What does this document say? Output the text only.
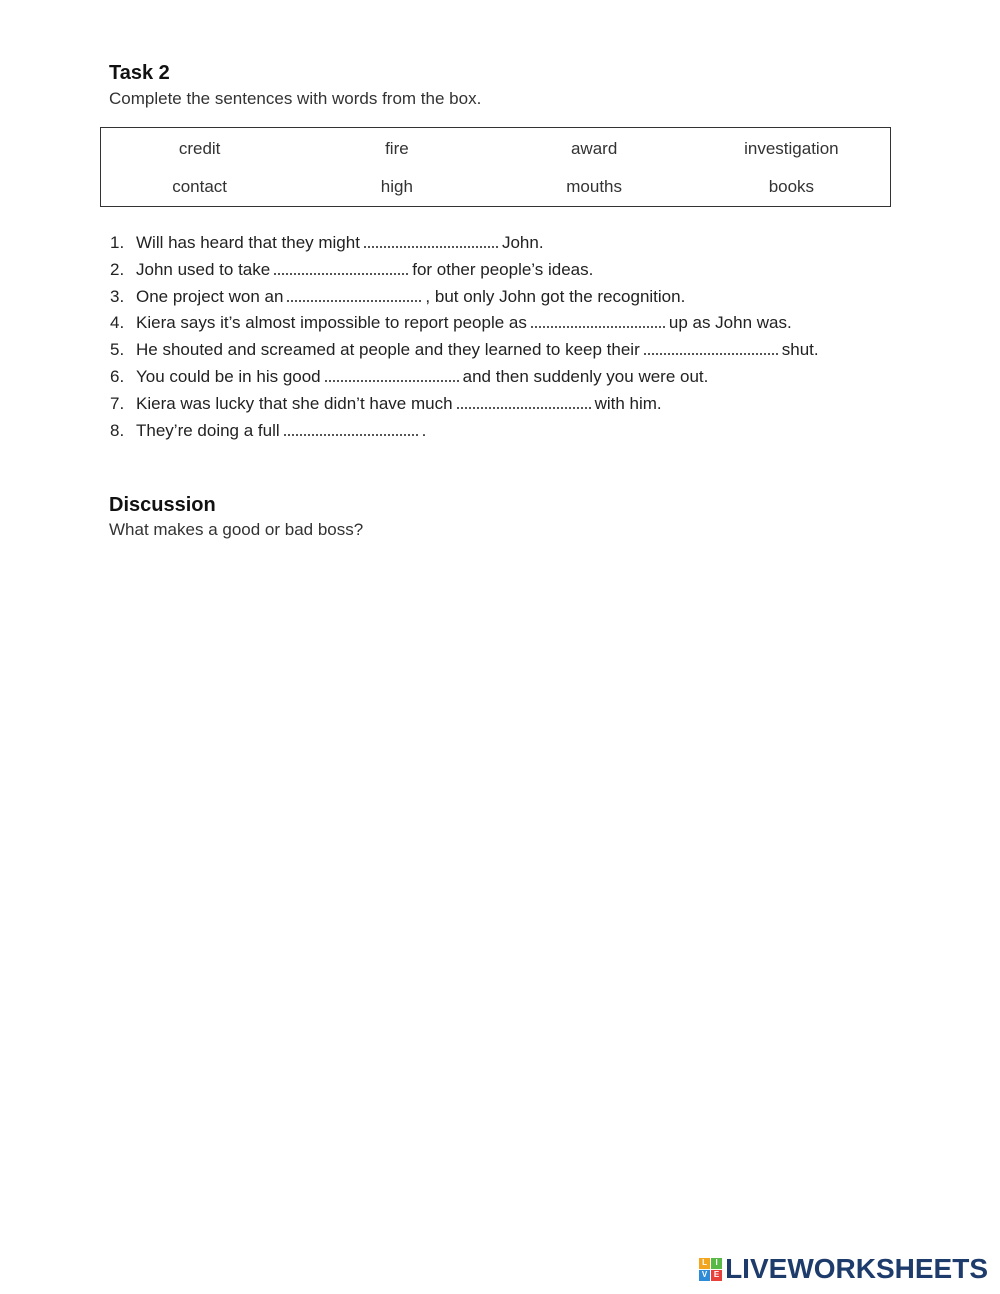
Task 2

Complete the sentences with words from the box.

credit	fire	award	investigation
contact	high	mouths	books
1. Will has heard that they might	John.
2. John used to take	for other people’s ideas.
3. One project won an	, but only John got the recognition.
4. Kiera says it’s almost impossible to report people as	up as John was.
5. He shouted and screamed at people and they learned to keep their	shut.
6. You could be in his good	and then suddenly you were out.
7. Kiera was lucky that she didn’t have much	with him.
8. They’re doing a full	.
Discussion

What makes a good or bad boss?

L	I
V E LIVEWORKSHEETS
